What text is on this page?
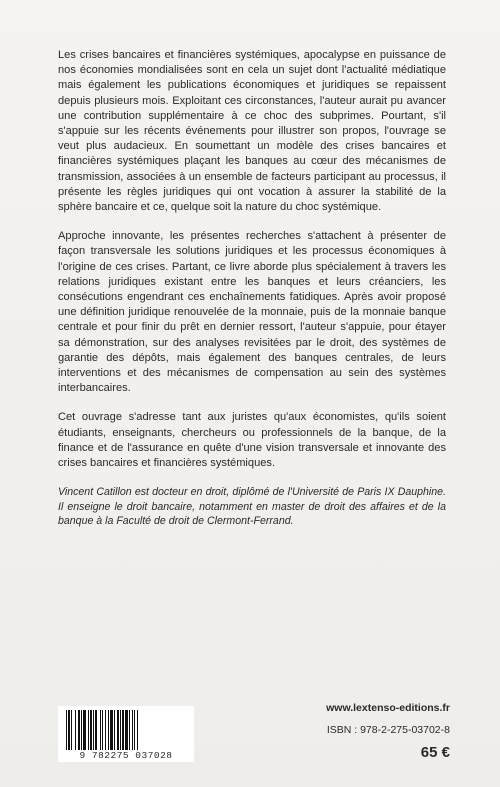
Les crises bancaires et financières systémiques, apocalypse en puissance de nos économies mondialisées sont en cela un sujet dont l'actualité médiatique mais également les publications économiques et juridiques se repaissent depuis plusieurs mois. Exploitant ces circonstances, l'auteur aurait pu avancer une contribution supplémentaire à ce choc des subprimes. Pourtant, s'il s'appuie sur les récents événements pour illustrer son propos, l'ouvrage se veut plus audacieux. En soumettant un modèle des crises bancaires et financières systémiques plaçant les banques au cœur des mécanismes de transmission, associées à un ensemble de facteurs participant au processus, il présente les règles juridiques qui ont vocation à assurer la stabilité de la sphère bancaire et ce, quelque soit la nature du choc systémique.

Approche innovante, les présentes recherches s'attachent à présenter de façon transversale les solutions juridiques et les processus économiques à l'origine de ces crises. Partant, ce livre aborde plus spécialement à travers les relations juridiques existant entre les banques et leurs créanciers, les consécutions engendrant ces enchaînements fatidiques. Après avoir proposé une définition juridique renouvelée de la monnaie, puis de la monnaie banque centrale et pour finir du prêt en dernier ressort, l'auteur s'appuie, pour étayer sa démonstration, sur des analyses revisitées par le droit, des systèmes de garantie des dépôts, mais également des banques centrales, de leurs interventions et des mécanismes de compensation au sein des systèmes interbancaires.

Cet ouvrage s'adresse tant aux juristes qu'aux économistes, qu'ils soient étudiants, enseignants, chercheurs ou professionnels de la banque, de la finance et de l'assurance en quête d'une vision transversale et innovante des crises bancaires et financières systémiques.

Vincent Catillon est docteur en droit, diplômé de l'Université de Paris IX Dauphine. Il enseigne le droit bancaire, notamment en master de droit des affaires et de la banque à la Faculté de droit de Clermont-Ferrand.

9 782275 037028
www.lextenso-editions.fr
ISBN : 978-2-275-03702-8
65 €
